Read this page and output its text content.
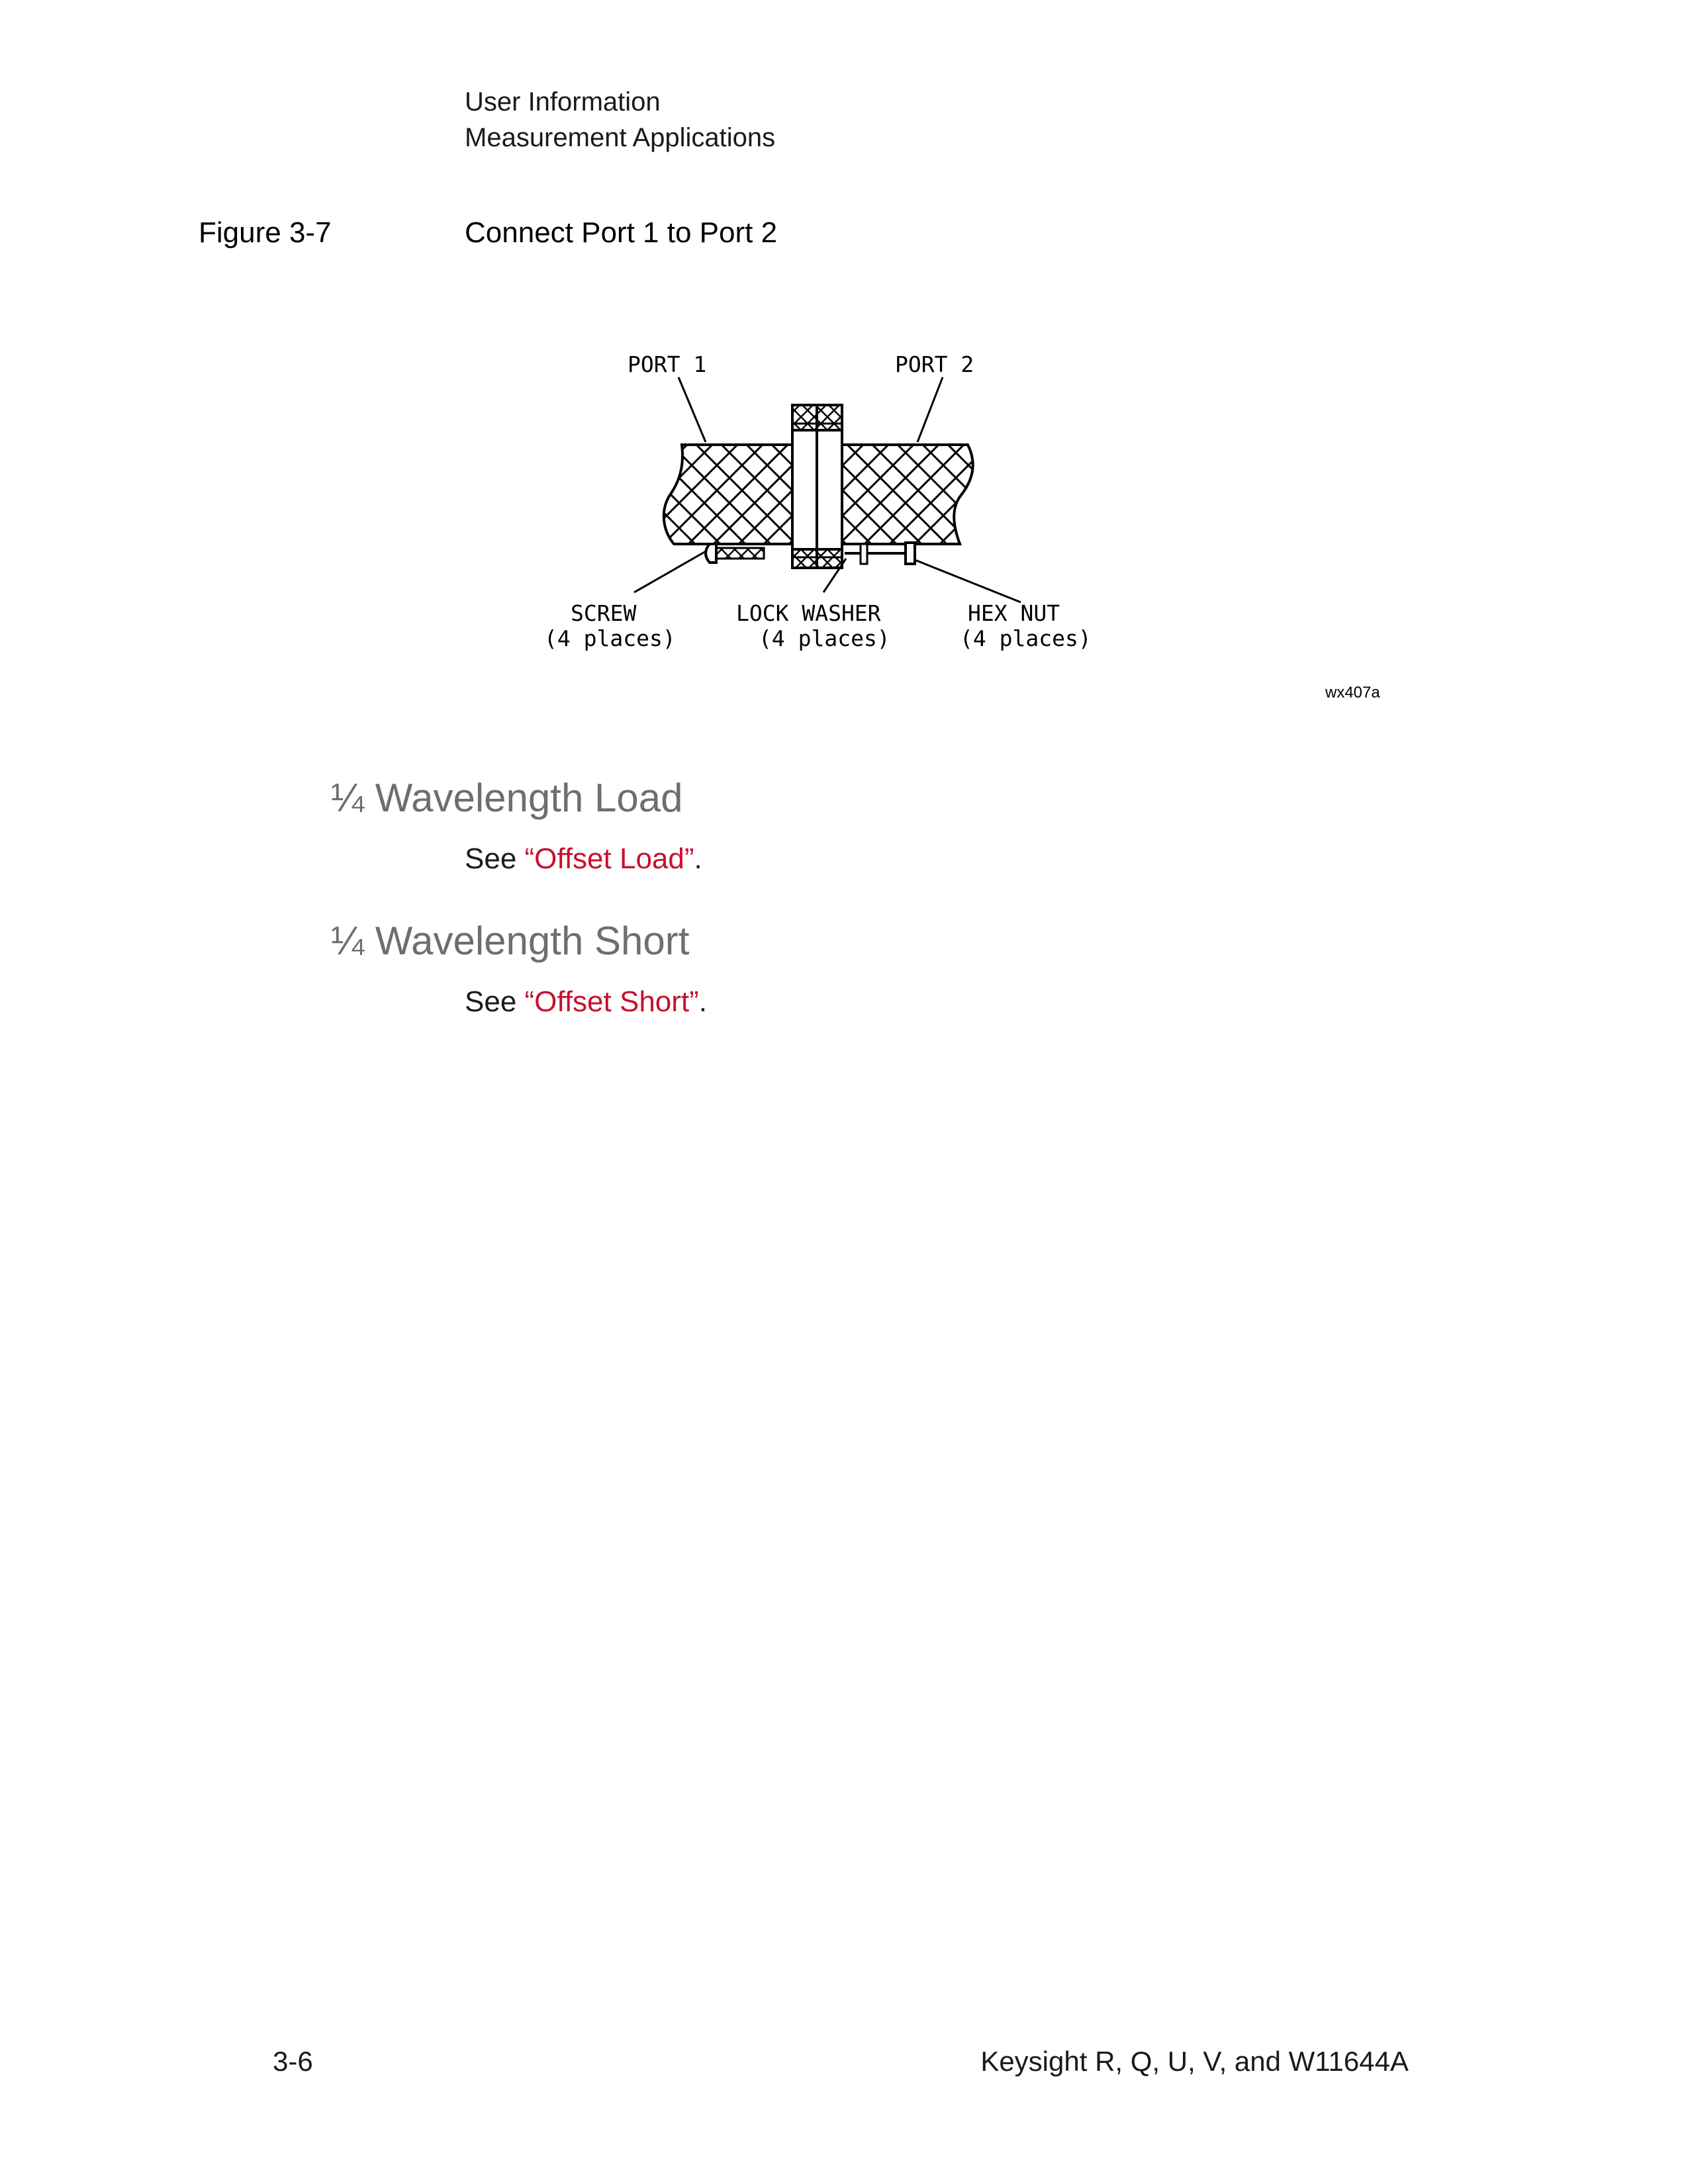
User Information
Measurement Applications
Figure 3-7	Connect Port 1 to Port 2
PORT 1	PORT 2
SCREW
(4 places)
LOCK WASHER
(4 places)
HEX NUT
(4 places)
wx407a
¼ Wavelength Load
See “Offset Load”.
¼ Wavelength Short
See “Offset Short”.
3-6	Keysight R, Q, U, V, and W11644A
